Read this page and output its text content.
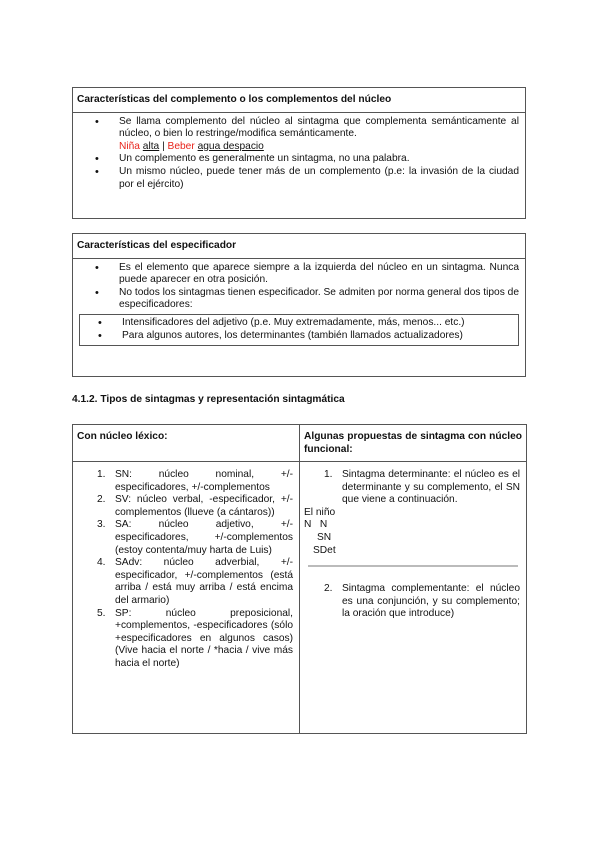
Características del complemento o los complementos del núcleo
• Se llama complemento del núcleo al sintagma que complementa semánticamente al núcleo, o bien lo restringe/modifica semánticamente.
Niña alta | Beber agua despacio
• Un complemento es generalmente un sintagma, no una palabra.
• Un mismo núcleo, puede tener más de un complemento (p.e: la invasión de la ciudad por el ejército)
Características del especificador
• Es el elemento que aparece siempre a la izquierda del núcleo en un sintagma. Nunca puede aparecer en otra posición.
• No todos los sintagmas tienen especificador. Se admiten por norma general dos tipos de especificadores:
• Intensificadores del adjetivo (p.e. Muy extremadamente, más, menos... etc.)
• Para algunos autores, los determinantes (también llamados actualizadores)
4.1.2. Tipos de sintagmas y representación sintagmática
Con núcleo léxico:	Algunas propuestas de sintagma con núcleo funcional:

1. SN: núcleo nominal, +/-especificadores, +/-complementos
2. SV: núcleo verbal, -especificador, +/-complementos (llueve (a cántaros))
3. SA: núcleo adjetivo, +/-especificadores, +/-complementos (estoy contenta/muy harta de Luis)
4. SAdv: núcleo adverbial, +/-especificador, +/-complementos (está arriba / está muy arriba / está encima del armario)
5. SP: núcleo preposicional, +complementos, -especificadores (sólo +especificadores en algunos casos) (Vive hacia el norte / *hacia / vive más hacia el norte)

1. Sintagma determinante: el núcleo es el determinante y su complemento, el SN que viene a continuación.
El niño
N   N
SN
SDet
2. Sintagma complementante: el núcleo es una conjunción, y su complemento; la oración que introduce)
